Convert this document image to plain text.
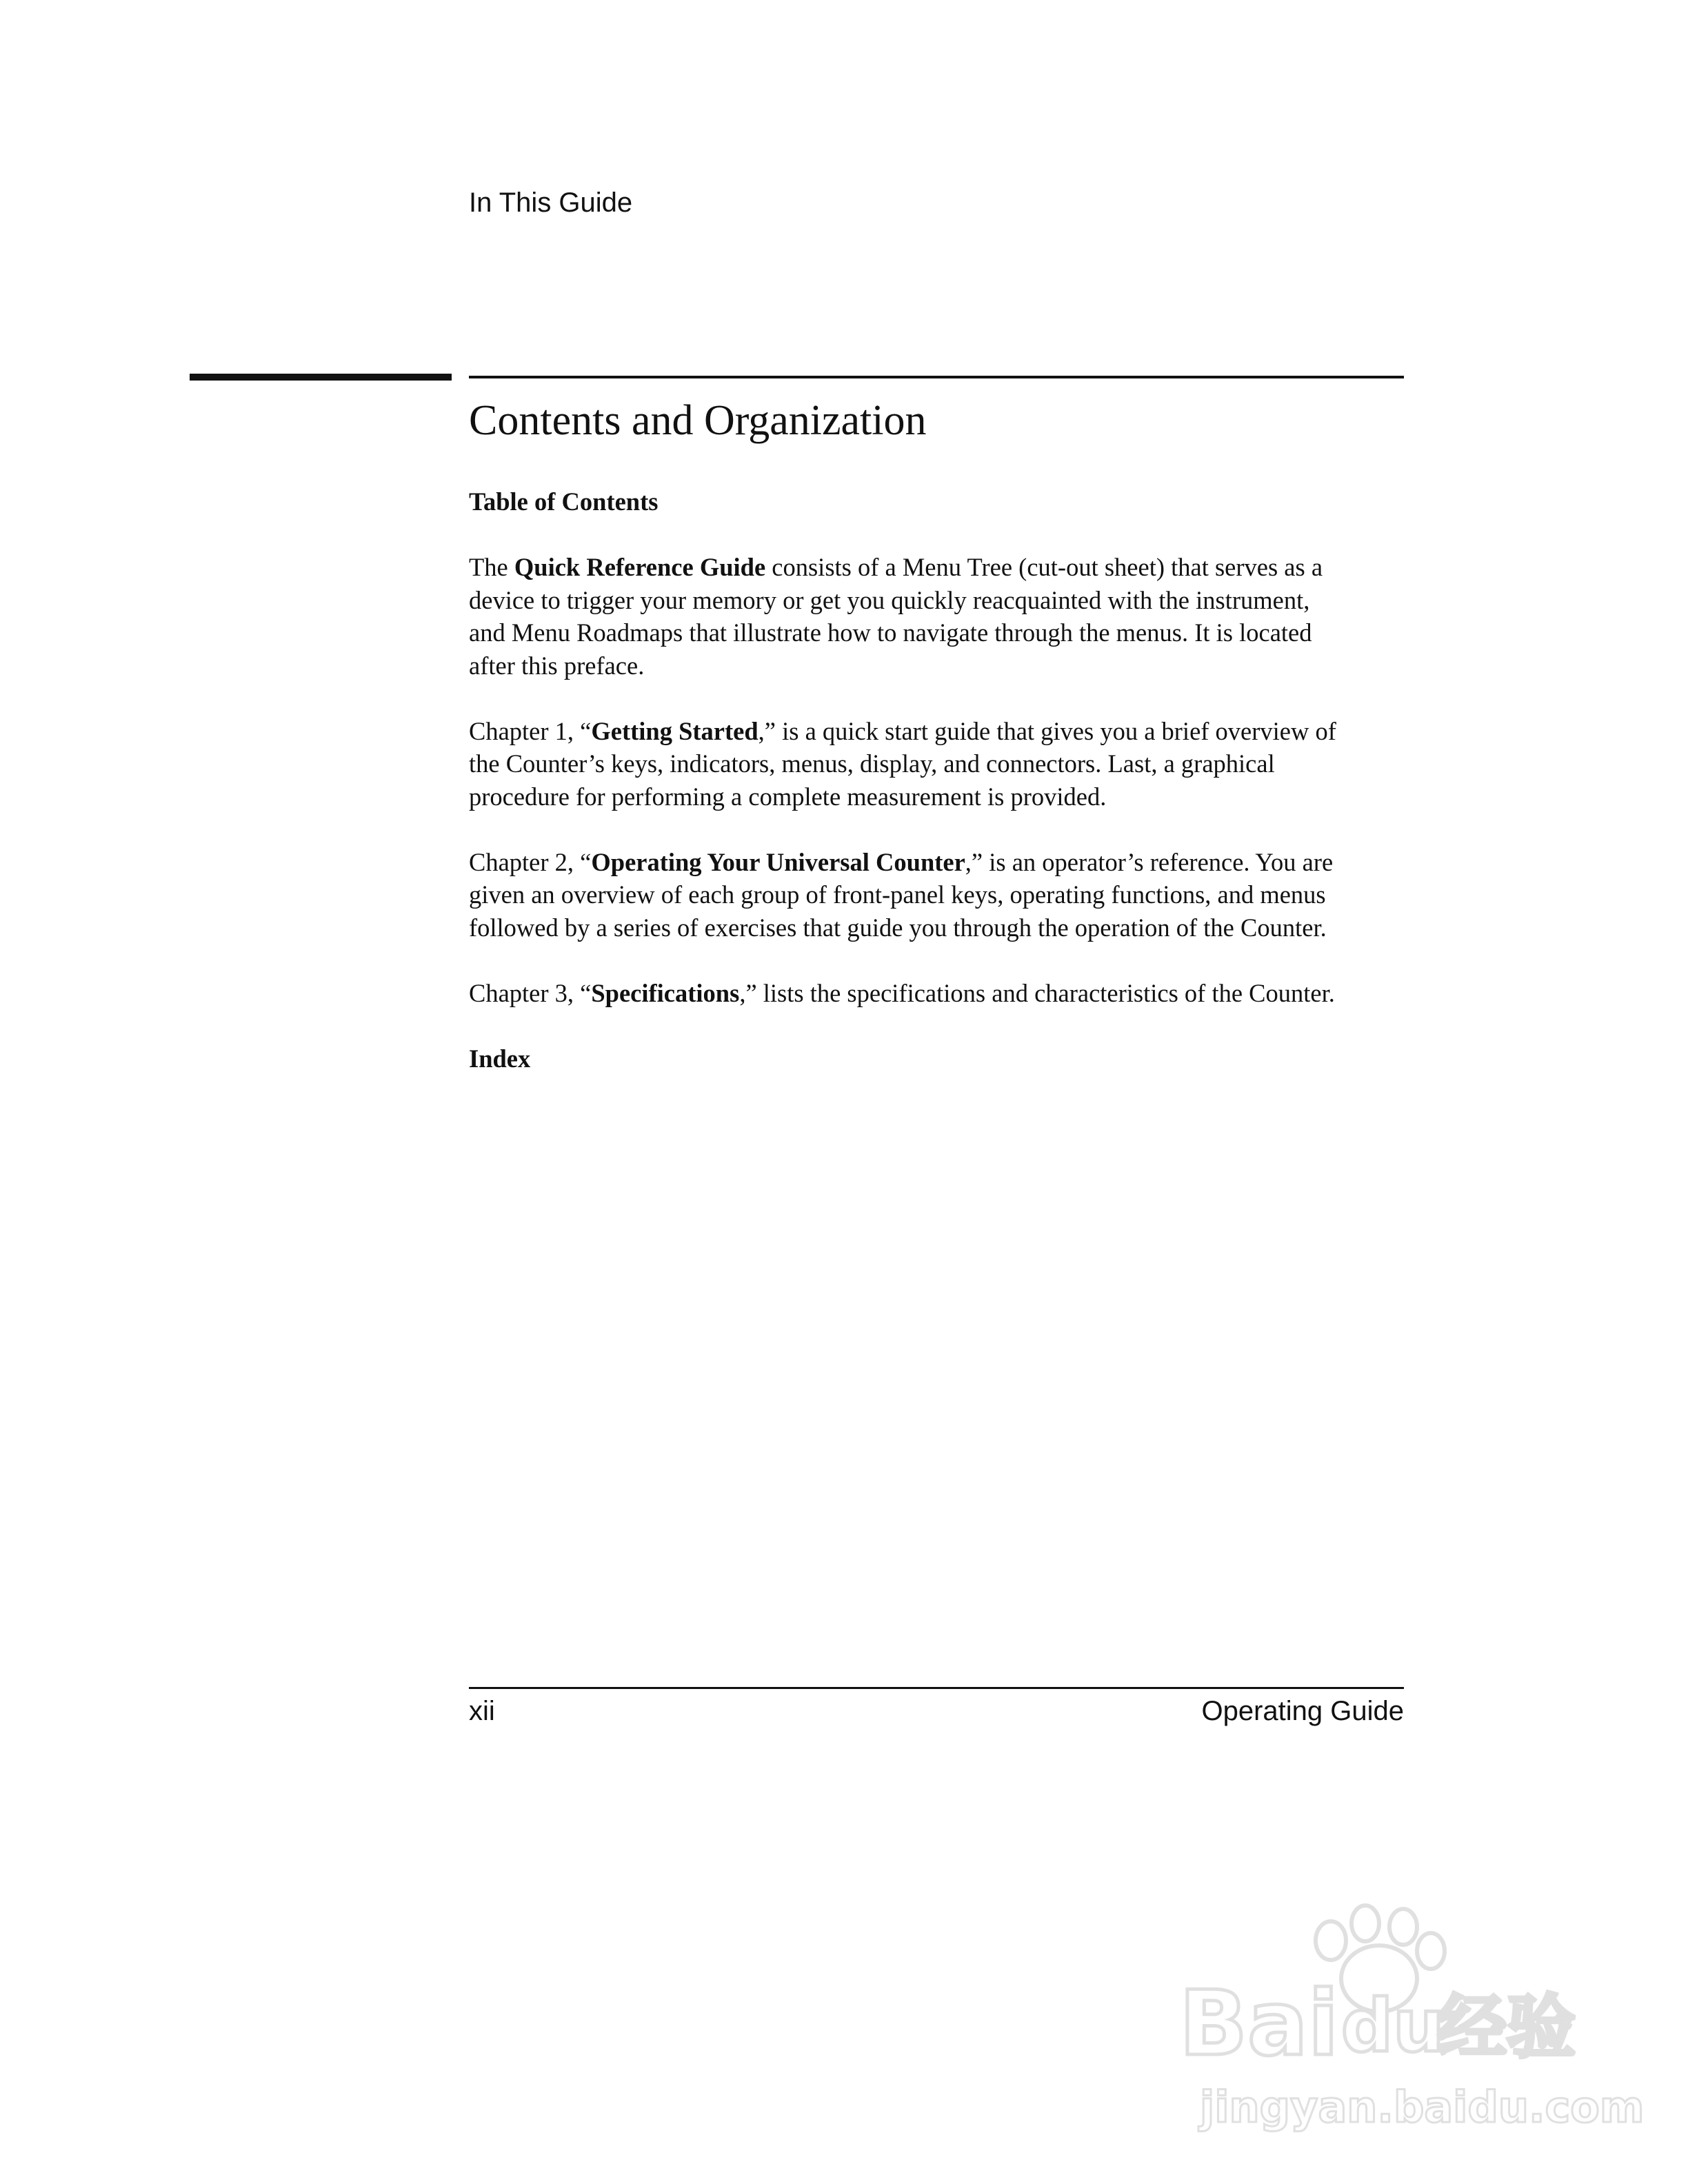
In This Guide
Contents and Organization

Table of Contents

The Quick Reference Guide consists of a Menu Tree (cut-out sheet) that serves as a
device to trigger your memory or get you quickly reacquainted with the instrument,
and Menu Roadmaps that illustrate how to navigate through the menus. It is located
after this preface.

Chapter 1, “Getting Started,” is a quick start guide that gives you a brief overview of
the Counter’s keys, indicators, menus, display, and connectors. Last, a graphical
procedure for performing a complete measurement is provided.

Chapter 2, “Operating Your Universal Counter,” is an operator’s reference. You are
given an overview of each group of front-panel keys, operating functions, and menus
followed by a series of exercises that guide you through the operation of the Counter.

Chapter 3, “Specifications,” lists the specifications and characteristics of the Counter.

Index

xii	Operating Guide
Bai du
经验
jingyan.baidu.com
